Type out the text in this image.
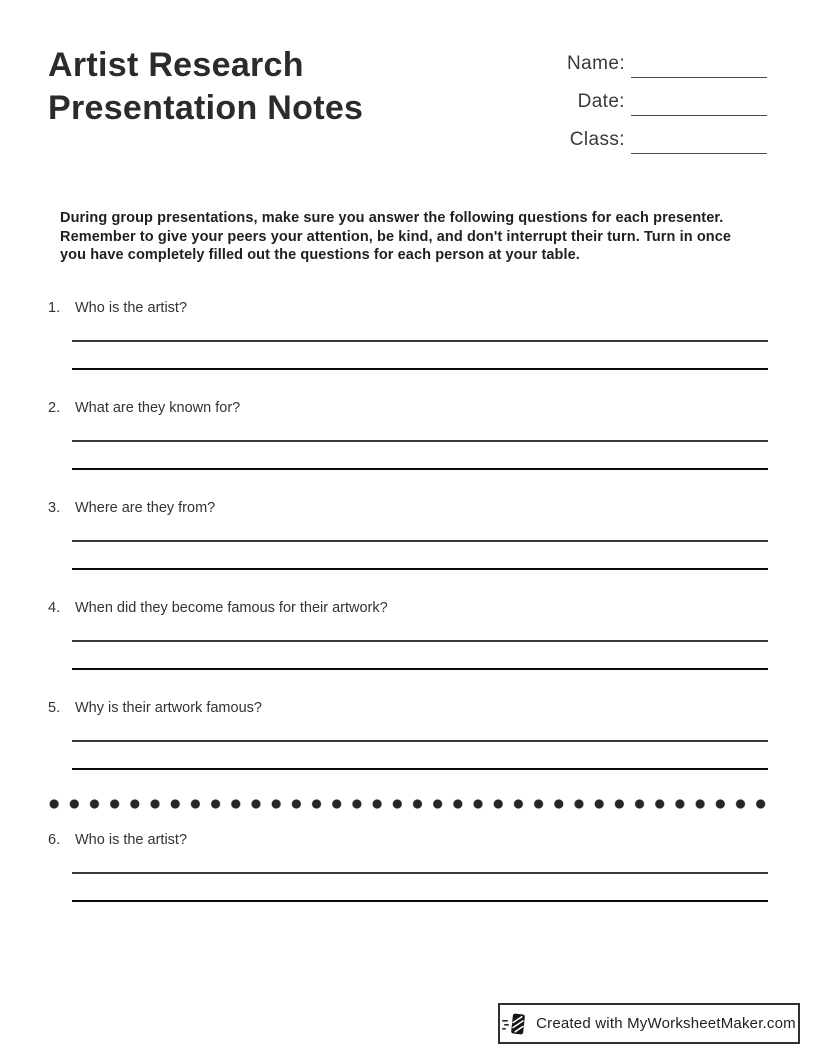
Artist Research
Presentation Notes
Name:
Date:
Class:
During group presentations, make sure you answer the following questions for each presenter.
Remember to give your peers your attention, be kind, and don't interrupt their turn. Turn in once
you have completely filled out the questions for each person at your table.
1.	Who is the artist?
2.	What are they known for?
3.	Where are they from?
4.	When did they become famous for their artwork?
5.	Why is their artwork famous?
6.	Who is the artist?
Created with MyWorksheetMaker.com
